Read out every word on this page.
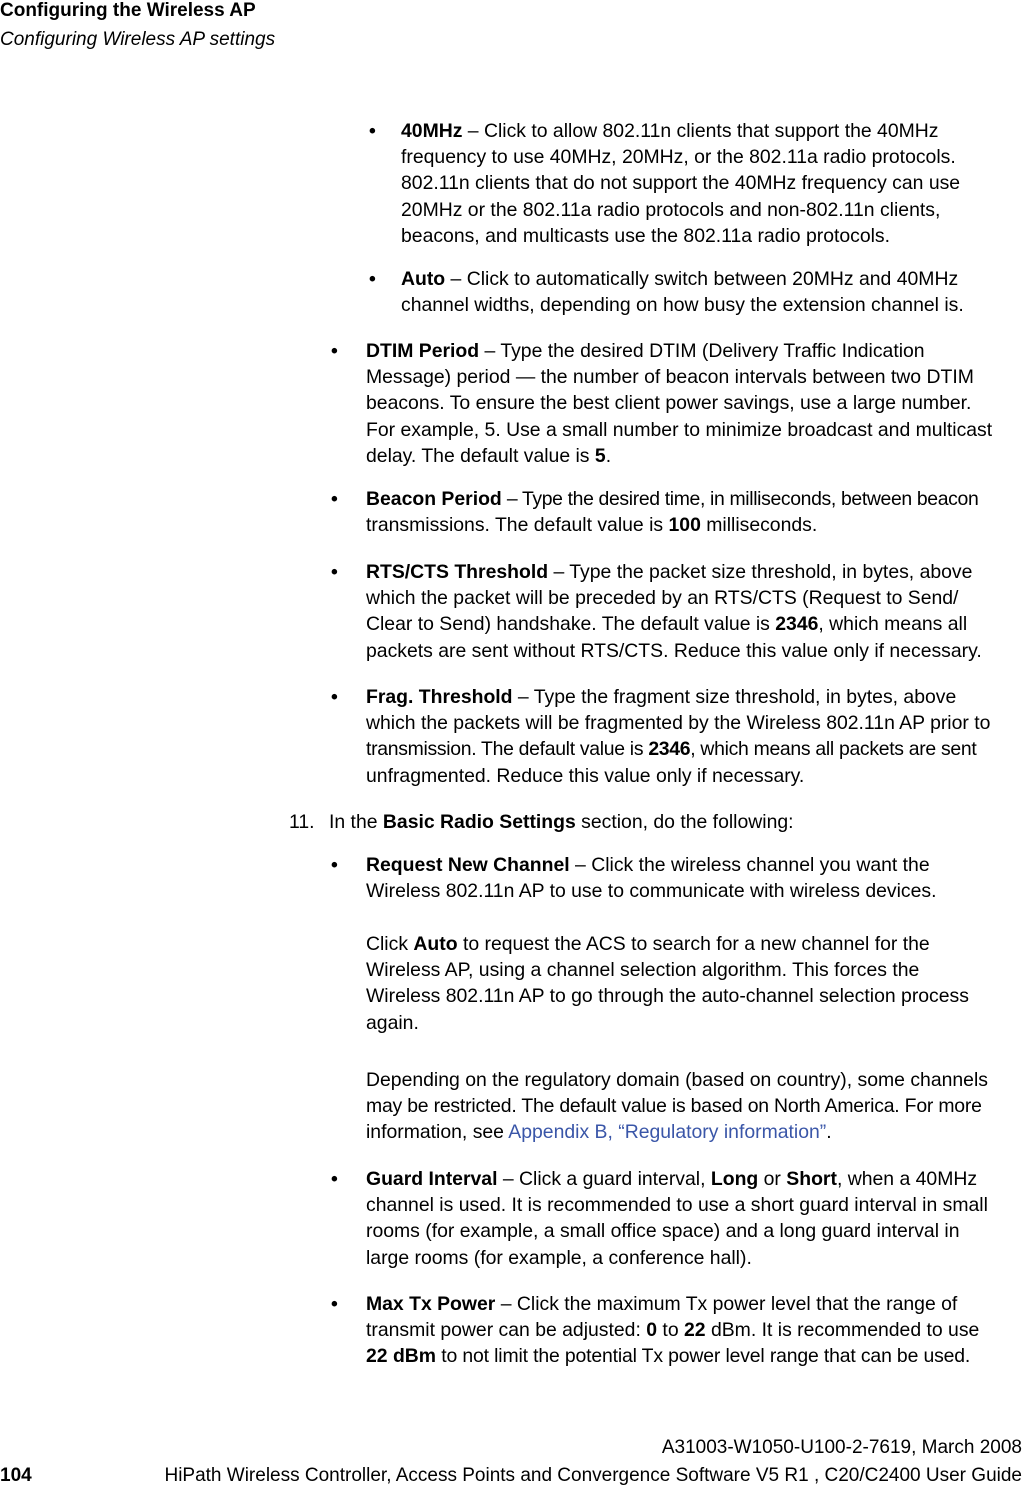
Configuring the Wireless AP
Configuring Wireless AP settings
• 40MHz – Click to allow 802.11n clients that support the 40MHz
frequency to use 40MHz, 20MHz, or the 802.11a radio protocols.
802.11n clients that do not support the 40MHz frequency can use
20MHz or the 802.11a radio protocols and non-802.11n clients,
beacons, and multicasts use the 802.11a radio protocols.
• Auto – Click to automatically switch between 20MHz and 40MHz
channel widths, depending on how busy the extension channel is.
• DTIM Period – Type the desired DTIM (Delivery Traffic Indication
Message) period — the number of beacon intervals between two DTIM
beacons. To ensure the best client power savings, use a large number.
For example, 5. Use a small number to minimize broadcast and multicast
delay. The default value is 5.
• Beacon Period – Type the desired time, in milliseconds, between beacon
transmissions. The default value is 100 milliseconds.
• RTS/CTS Threshold – Type the packet size threshold, in bytes, above
which the packet will be preceded by an RTS/CTS (Request to Send/
Clear to Send) handshake. The default value is 2346, which means all
packets are sent without RTS/CTS. Reduce this value only if necessary.
• Frag. Threshold – Type the fragment size threshold, in bytes, above
which the packets will be fragmented by the Wireless 802.11n AP prior to
transmission. The default value is 2346, which means all packets are sent
unfragmented. Reduce this value only if necessary.
11. In the Basic Radio Settings section, do the following:
• Request New Channel – Click the wireless channel you want the
Wireless 802.11n AP to use to communicate with wireless devices.
Click Auto to request the ACS to search for a new channel for the
Wireless AP, using a channel selection algorithm. This forces the
Wireless 802.11n AP to go through the auto-channel selection process
again.
Depending on the regulatory domain (based on country), some channels
may be restricted. The default value is based on North America. For more
information, see Appendix B, “Regulatory information”.
• Guard Interval – Click a guard interval, Long or Short, when a 40MHz
channel is used. It is recommended to use a short guard interval in small
rooms (for example, a small office space) and a long guard interval in
large rooms (for example, a conference hall).
• Max Tx Power – Click the maximum Tx power level that the range of
transmit power can be adjusted: 0 to 22 dBm. It is recommended to use
22 dBm to not limit the potential Tx power level range that can be used.
A31003-W1050-U100-2-7619, March 2008
104	HiPath Wireless Controller, Access Points and Convergence Software V5 R1 , C20/C2400 User Guide
